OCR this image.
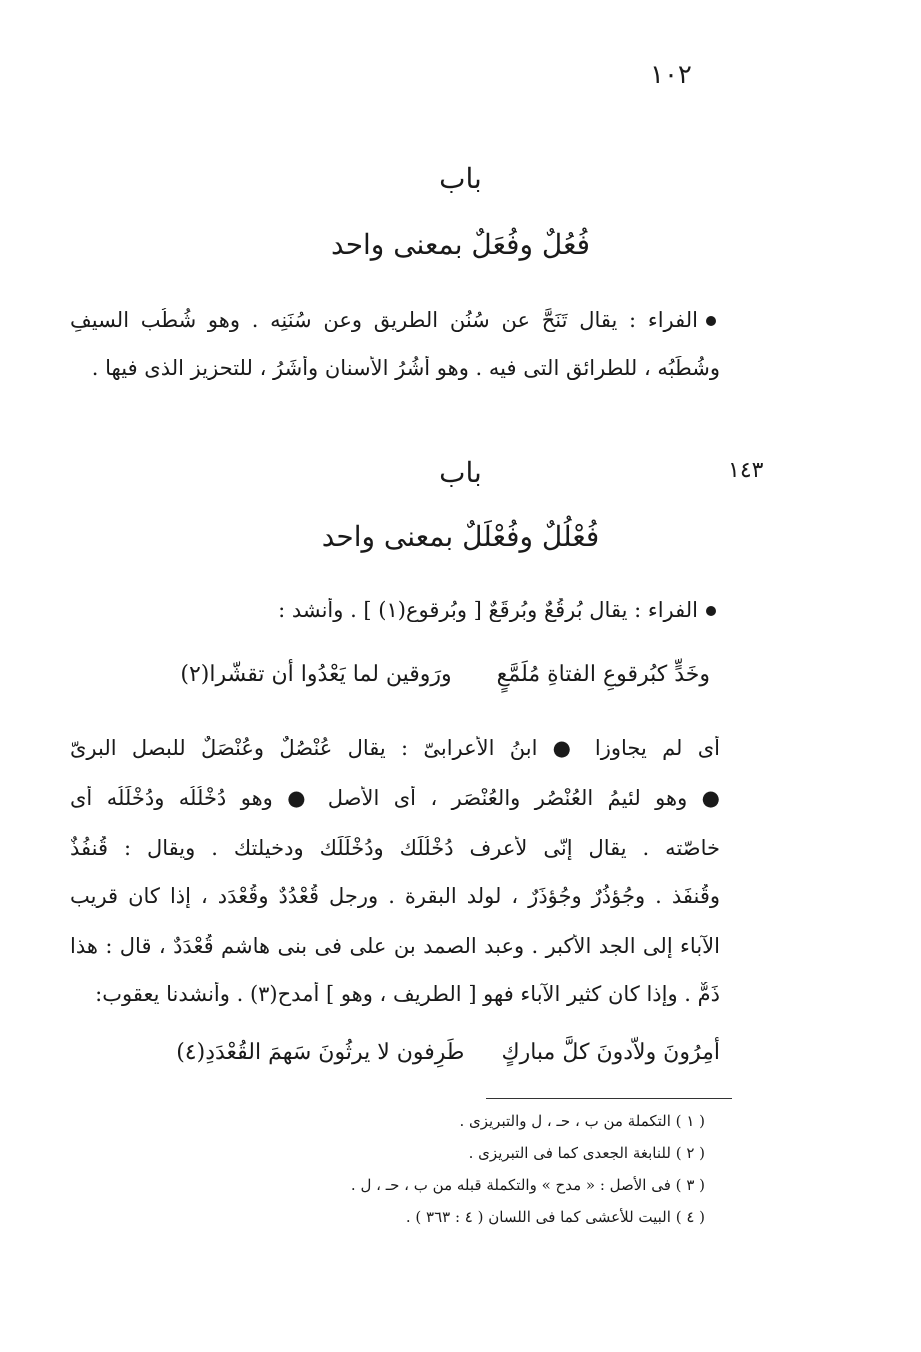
١٠٢
باب
فُعُلٌ وفُعَلٌ بمعنى واحد
الفراء : يقال تَنَحَّ عن سُنُنِ الطريق وعن سُنَنِه . وهو شُطُب السيفِ
وشُطَبُه ، للطرائق التى فيه . وهو أُشُرُ الأسنان وأُشَرُ ، للتحزيز الذى فيها .
١٤٣
باب
فُعْلُلٌ وفُعْلَلٌ بمعنى واحد
الفراء : يقال بُرقُعٌ وبُرقَعٌ [ وبُرقوع(١) ] . وأنشد :
وخَدٍّ كبُرقوعِ الفتاةِ مُلَمَّعٍ ورَوقين لما يَعْدُوا أن تقشّرا(٢)
أى لم يجاوزا ● ابنُ الأعرابىّ : يقال عُنْصُلٌ وعُنْصَلٌ للبصل البرىّ
● وهو لئيمُ العُنْصُر والعُنْصَر ، أى الأصل ● وهو دُخْلُلُه ودُخْلَلُه أى
خاصّته . يقال إنّى لأعرف دُخْلُلَك ودُخْلَلَك ودخيلتك . ويقال : قُنفُذٌ
وقُنفَذ . وجُؤذُرٌ وجُؤذَرٌ ، لولد البقرة . ورجل قُعْدُدٌ وقُعْدَد ، إذا كان قريب
الآباء إلى الجد الأكبر . وعبد الصمد بن على فى بنى هاشم قُعْدَدٌ ، قال : هذا
ذَمٌّ . وإذا كان كثير الآباء فهو [ الطريف ، وهو ] أمدح(٣) . وأنشدنا يعقوب:
أمِرُونَ ولاّدونَ كلَّ مباركٍ طَرِفون لا يرثُونَ سَهمَ القُعْدَدِ(٤)
( ١ ) التكملة من ب ، حـ ، ل والتبريزى .
( ٢ ) للنابغة الجعدى كما فى التبريزى .
( ٣ ) فى الأصل : « مدح » والتكملة قبله من ب ، حـ ، ل .
( ٤ ) البيت للأعشى كما فى اللسان ( ٤ : ٣٦٣ ) .
